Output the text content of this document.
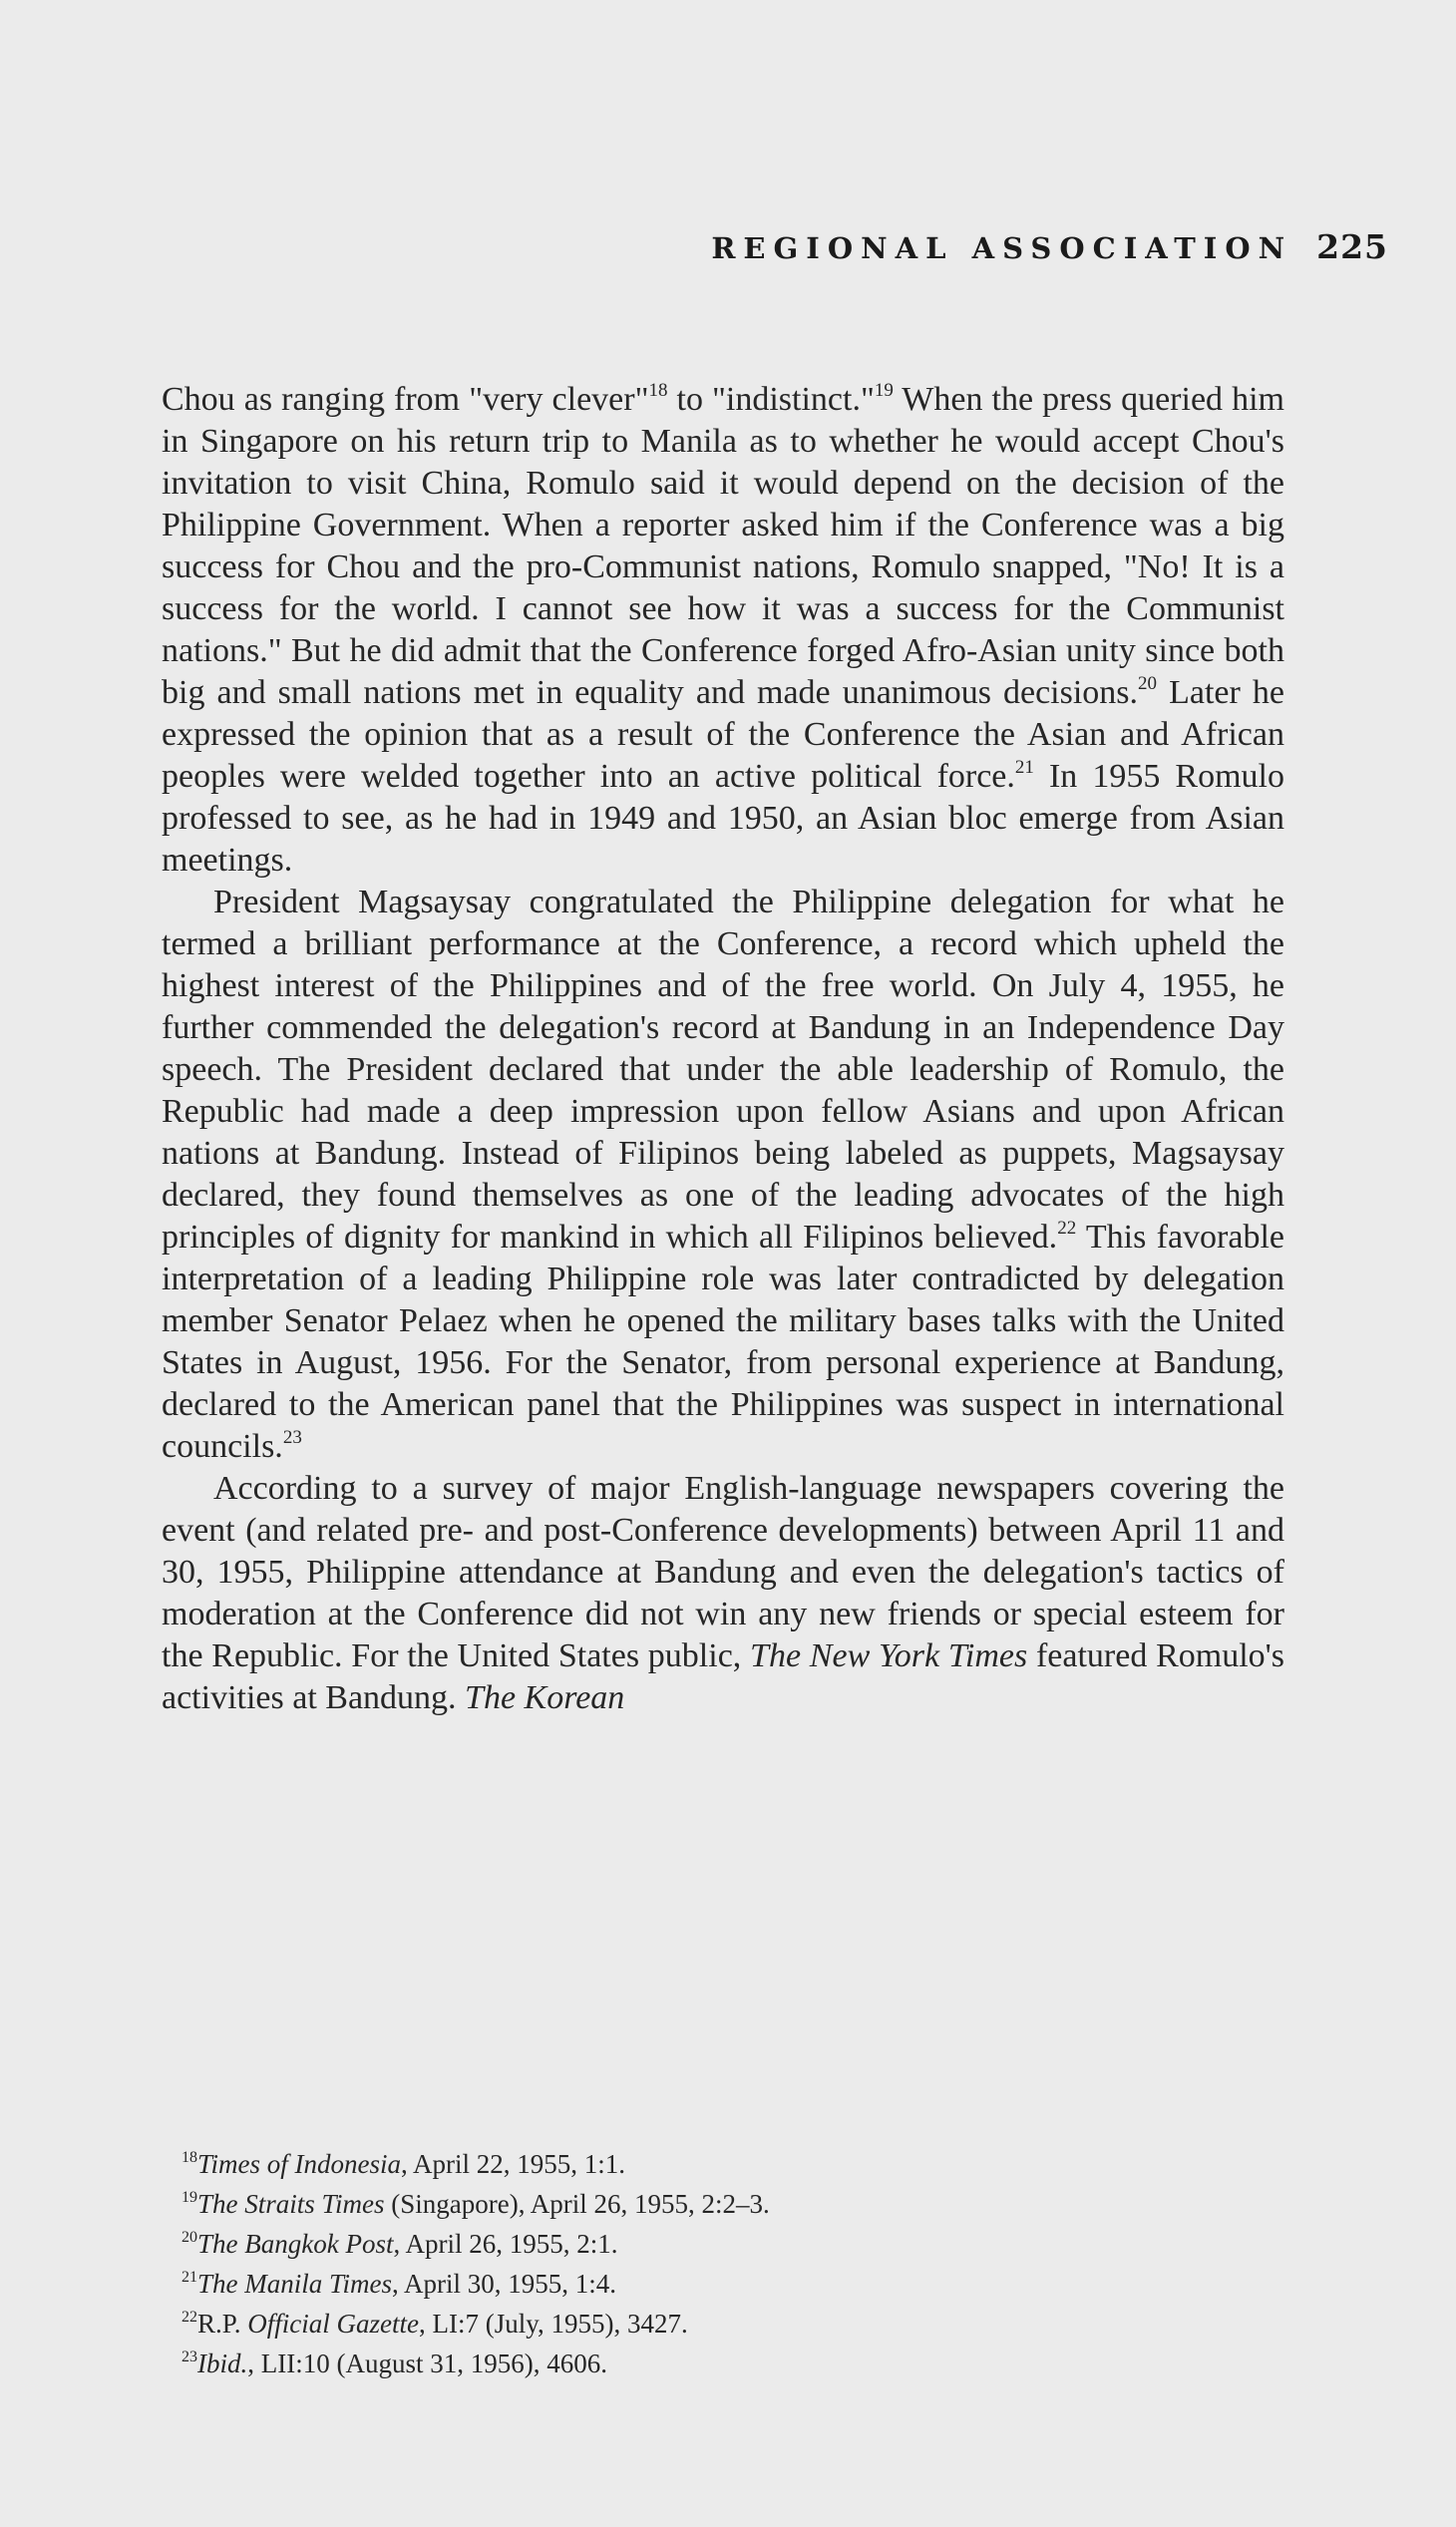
REGIONAL ASSOCIATION 225

Chou as ranging from "very clever"$^{18}$ to "indistinct."$^{19}$ When the press queried him in Singapore on his return trip to Manila as to whether he would accept Chou's invitation to visit China, Romulo said it would depend on the decision of the Philippine Government. When a reporter asked him if the Conference was a big success for Chou and the pro-Communist nations, Romulo snapped, "No! It is a success for the world. I cannot see how it was a success for the Communist nations." But he did admit that the Conference forged Afro-Asian unity since both big and small nations met in equality and made unanimous decisions.$^{20}$ Later he expressed the opinion that as a result of the Conference the Asian and African peoples were welded together into an active political force.$^{21}$ In 1955 Romulo professed to see, as he had in 1949 and 1950, an Asian bloc emerge from Asian meetings.

President Magsaysay congratulated the Philippine delegation for what he termed a brilliant performance at the Conference, a record which upheld the highest interest of the Philippines and of the free world. On July 4, 1955, he further commended the delegation's record at Bandung in an Independence Day speech. The President declared that under the able leadership of Romulo, the Republic had made a deep impression upon fellow Asians and upon African nations at Bandung. Instead of Filipinos being labeled as puppets, Magsaysay declared, they found themselves as one of the leading advocates of the high principles of dignity for mankind in which all Filipinos believed.$^{22}$ This favorable interpretation of a leading Philippine role was later contradicted by delegation member Senator Pelaez when he opened the military bases talks with the United States in August, 1956. For the Senator, from personal experience at Bandung, declared to the American panel that the Philippines was suspect in international councils.$^{23}$

According to a survey of major English-language newspapers covering the event (and related pre- and post-Conference developments) between April 11 and 30, 1955, Philippine attendance at Bandung and even the delegation's tactics of moderation at the Conference did not win any new friends or special esteem for the Republic. For the United States public, The New York Times featured Romulo's activities at Bandung. The Korean

$^{18}$Times of Indonesia, April 22, 1955, 1:1.
$^{19}$The Straits Times (Singapore), April 26, 1955, 2:2–3.
$^{20}$The Bangkok Post, April 26, 1955, 2:1.
$^{21}$The Manila Times, April 30, 1955, 1:4.
$^{22}$R.P. Official Gazette, LI:7 (July, 1955), 3427.
$^{23}$Ibid., LII:10 (August 31, 1956), 4606.
